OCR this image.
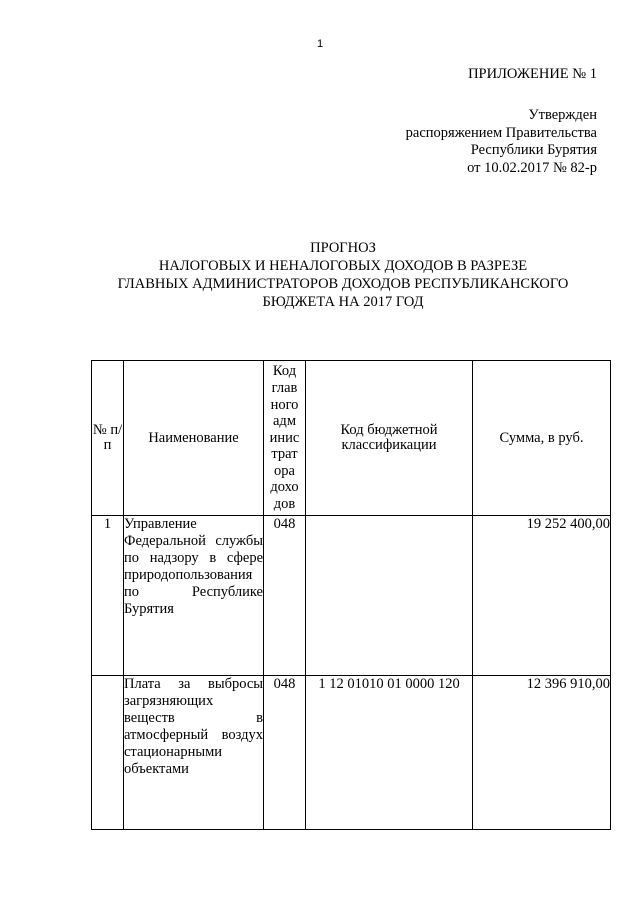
1
ПРИЛОЖЕНИЕ № 1
Утвержден
распоряжением Правительства
Республики Бурятия
от 10.02.2017 № 82-р
ПРОГНОЗ
НАЛОГОВЫХ И НЕНАЛОГОВЫХ ДОХОДОВ В РАЗРЕЗЕ
ГЛАВНЫХ АДМИНИСТРАТОРОВ ДОХОДОВ РЕСПУБЛИКАНСКОГО
БЮДЖЕТА НА 2017 ГОД
№ п/п	Наименование	Код главного администратора доходов	Код бюджетной классификации	Сумма, в руб.
1	Управление Федеральной службы по надзору в сфере природопользования по Республике Бурятия	048		19 252 400,00
	Плата за выбросы загрязняющих веществ в атмосферный воздух стационарными объектами	048	1 12 01010 01 0000 120	12 396 910,00
